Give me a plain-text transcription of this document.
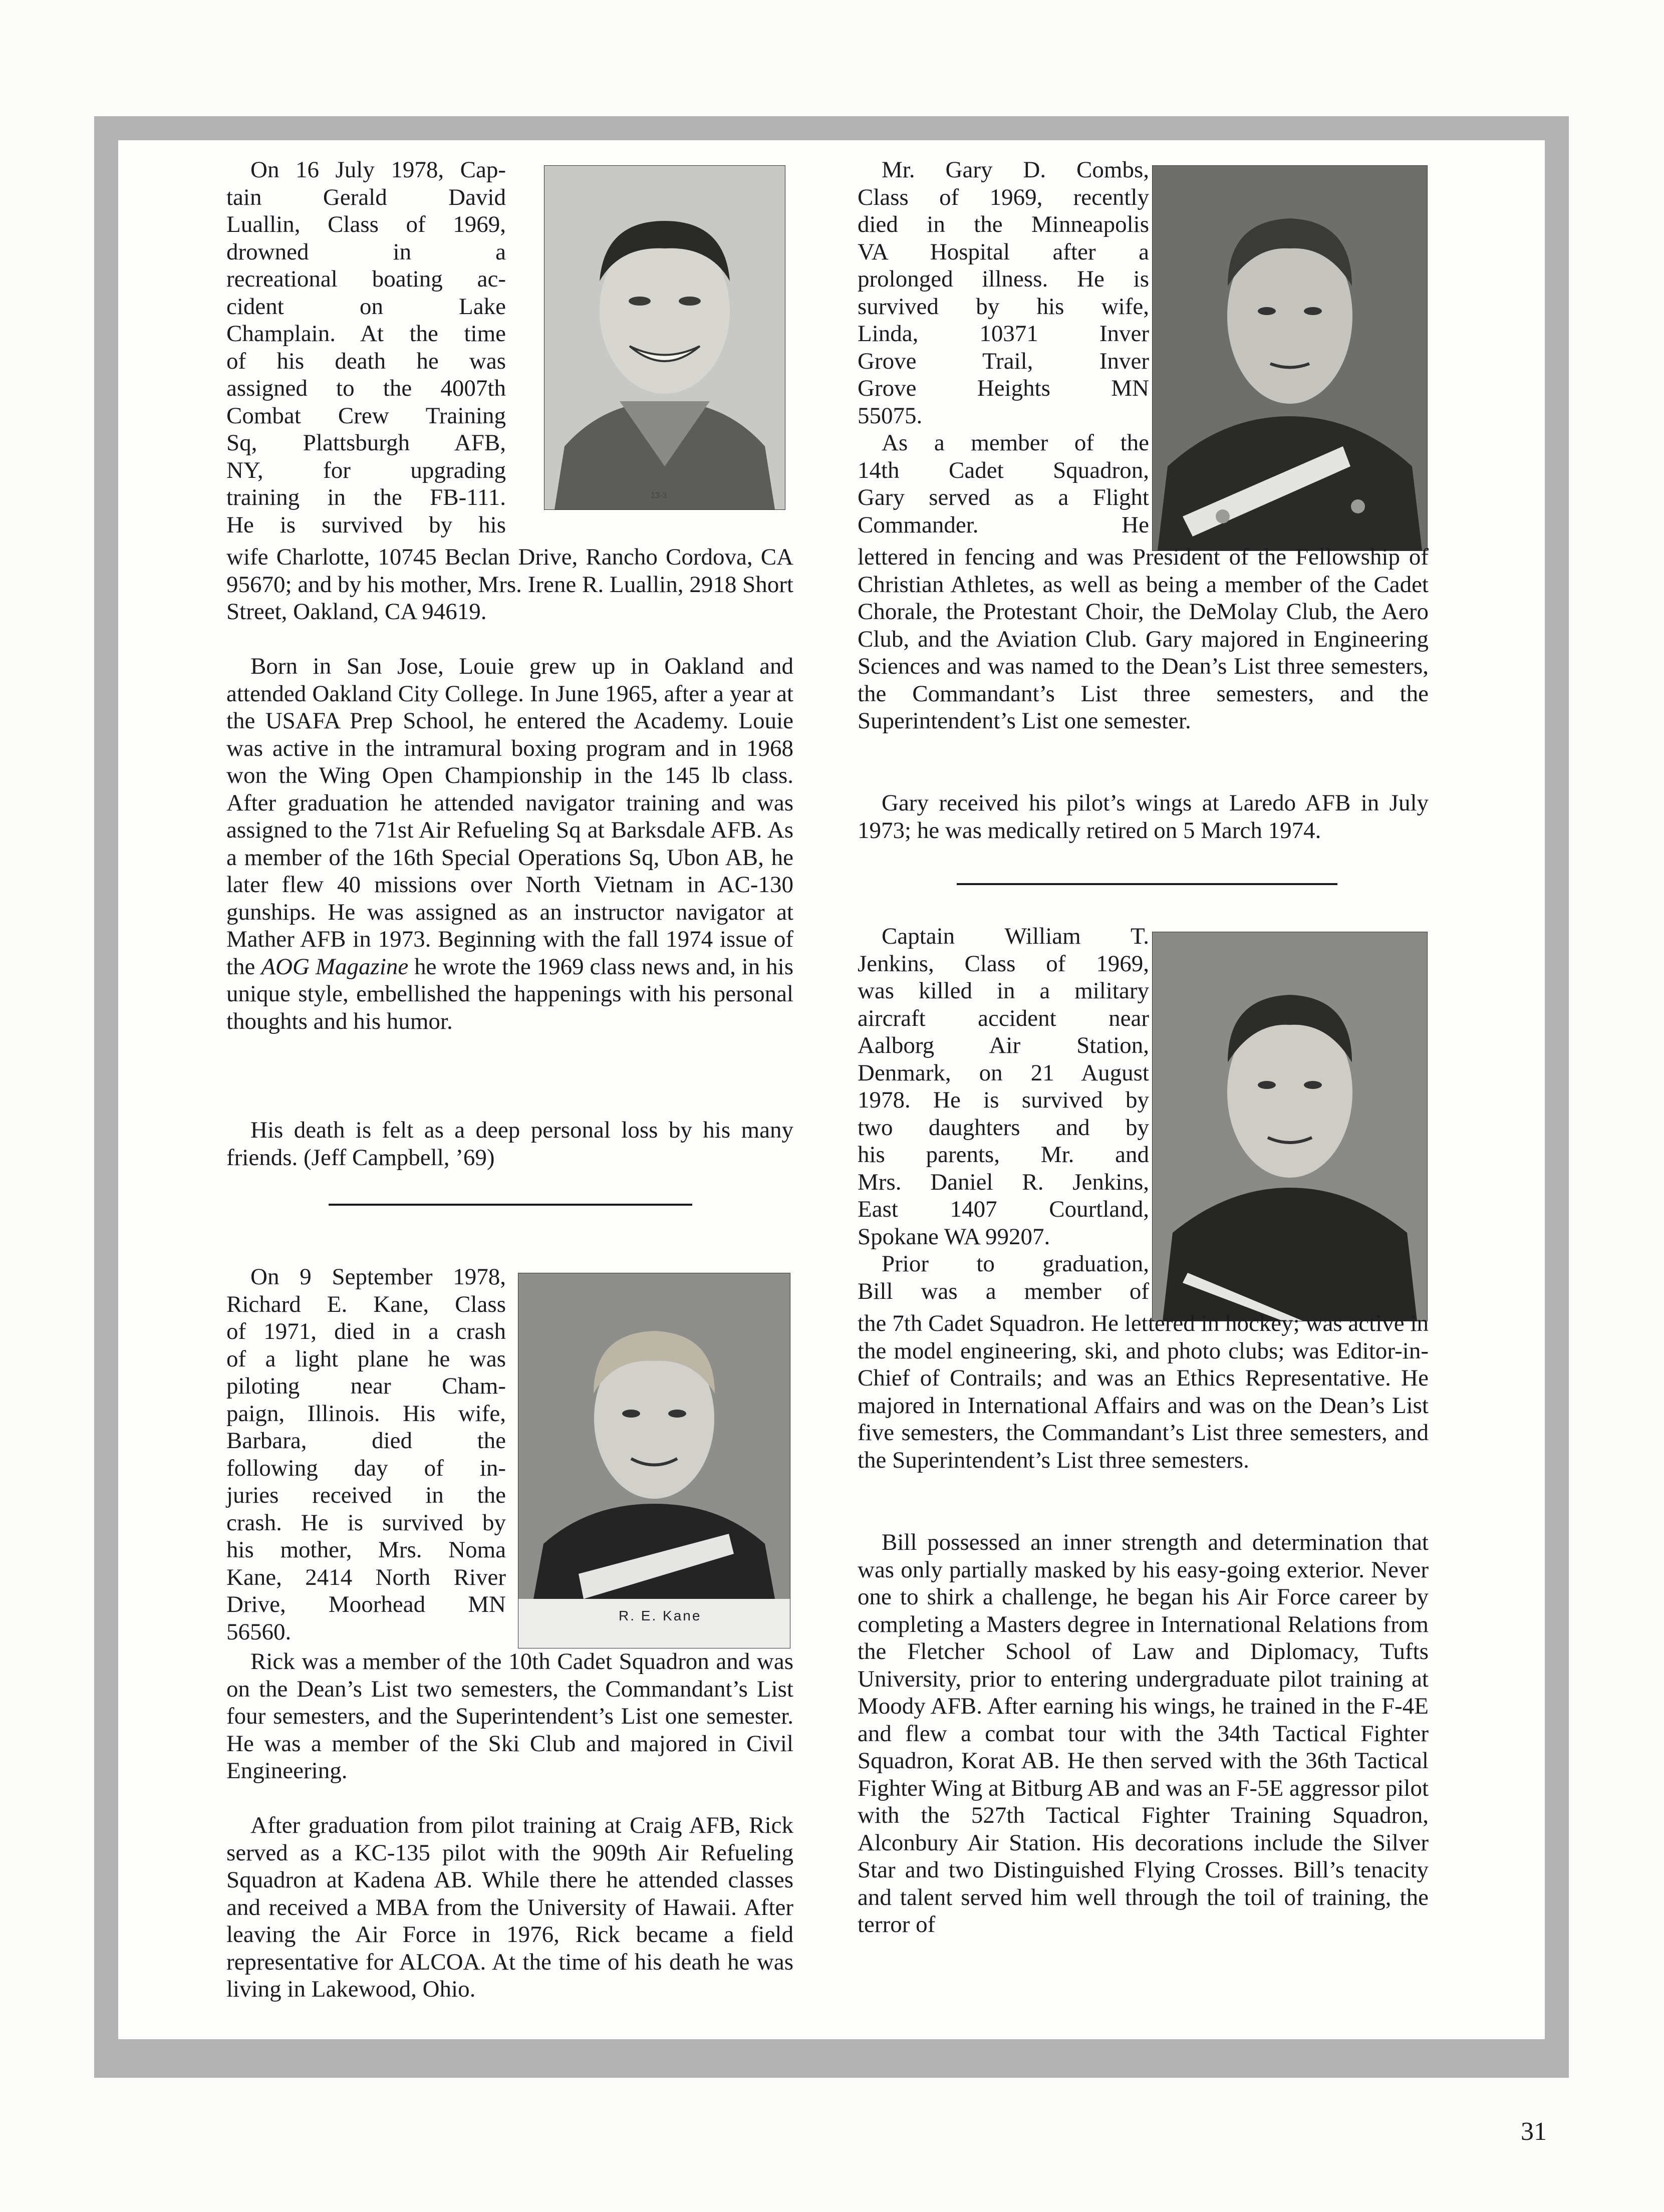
On 16 July 1978, Cap-
tain Gerald David
Luallin, Class of 1969,
drowned in a
recreational boating ac-
cident on Lake
Champlain. At the time
of his death he was
assigned to the 4007th
Combat Crew Training
Sq, Plattsburgh AFB,
NY, for upgrading
training in the FB-111.
He is survived by his
13-3

wife Charlotte, 10745 Beclan Drive, Rancho Cordova, CA 95670; and by his mother, Mrs. Irene R. Luallin, 2918 Short Street, Oakland, CA 94619.

Born in San Jose, Louie grew up in Oakland and attended Oakland City College. In June 1965, after a year at the USAFA Prep School, he entered the Academy. Louie was active in the intramural boxing program and in 1968 won the Wing Open Championship in the 145 lb class. After graduation he attended navigator training and was assigned to the 71st Air Refueling Sq at Barksdale AFB. As a member of the 16th Special Operations Sq, Ubon AB, he later flew 40 missions over North Vietnam in AC-130 gunships. He was assigned as an instructor navigator at Mather AFB in 1973. Beginning with the fall 1974 issue of the AOG Magazine he wrote the 1969 class news and, in his unique style, embellished the happenings with his personal thoughts and his humor.

His death is felt as a deep personal loss by his many friends. (Jeff Campbell, ’69)

On 9 September 1978,
Richard E. Kane, Class
of 1971, died in a crash
of a light plane he was
piloting near Cham-
paign, Illinois. His wife,
Barbara, died the
following day of in-
juries received in the
crash. He is survived by
his mother, Mrs. Noma
Kane, 2414 North River
Drive, Moorhead MN
56560.
R. E. Kane

Rick was a member of the 10th Cadet Squadron and was on the Dean’s List two semesters, the Commandant’s List four semesters, and the Superintendent’s List one semester. He was a member of the Ski Club and majored in Civil Engineering.

After graduation from pilot training at Craig AFB, Rick served as a KC-135 pilot with the 909th Air Refueling Squadron at Kadena AB. While there he attended classes and received a MBA from the University of Hawaii. After leaving the Air Force in 1976, Rick became a field representative for ALCOA. At the time of his death he was living in Lakewood, Ohio.

Mr. Gary D. Combs,
Class of 1969, recently
died in the Minneapolis
VA Hospital after a
prolonged illness. He is
survived by his wife,
Linda, 10371 Inver
Grove Trail, Inver
Grove Heights MN
55075.
As a member of the
14th Cadet Squadron,
Gary served as a Flight
Commander. He

lettered in fencing and was President of the Fellowship of Christian Athletes, as well as being a member of the Cadet Chorale, the Protestant Choir, the DeMolay Club, the Aero Club, and the Aviation Club. Gary majored in Engineering Sciences and was named to the Dean’s List three semesters, the Commandant’s List three semesters, and the Superintendent’s List one semester.

Gary received his pilot’s wings at Laredo AFB in July 1973; he was medically retired on 5 March 1974.

Captain William T.
Jenkins, Class of 1969,
was killed in a military
aircraft accident near
Aalborg Air Station,
Denmark, on 21 August
1978. He is survived by
two daughters and by
his parents, Mr. and
Mrs. Daniel R. Jenkins,
East 1407 Courtland,
Spokane WA 99207.
Prior to graduation,
Bill was a member of

the 7th Cadet Squadron. He lettered in hockey; was active in the model engineering, ski, and photo clubs; was Editor-in-Chief of Contrails; and was an Ethics Representative. He majored in International Affairs and was on the Dean’s List five semesters, the Commandant’s List three semesters, and the Superintendent’s List three semesters.

Bill possessed an inner strength and determination that was only partially masked by his easy-going exterior. Never one to shirk a challenge, he began his Air Force career by completing a Masters degree in International Relations from the Fletcher School of Law and Diplomacy, Tufts University, prior to entering undergraduate pilot training at Moody AFB. After earning his wings, he trained in the F-4E and flew a combat tour with the 34th Tactical Fighter Squadron, Korat AB. He then served with the 36th Tactical Fighter Wing at Bitburg AB and was an F-5E aggressor pilot with the 527th Tactical Fighter Training Squadron, Alconbury Air Station. His decorations include the Silver Star and two Distinguished Flying Crosses. Bill’s tenacity and talent served him well through the toil of training, the terror of

31
